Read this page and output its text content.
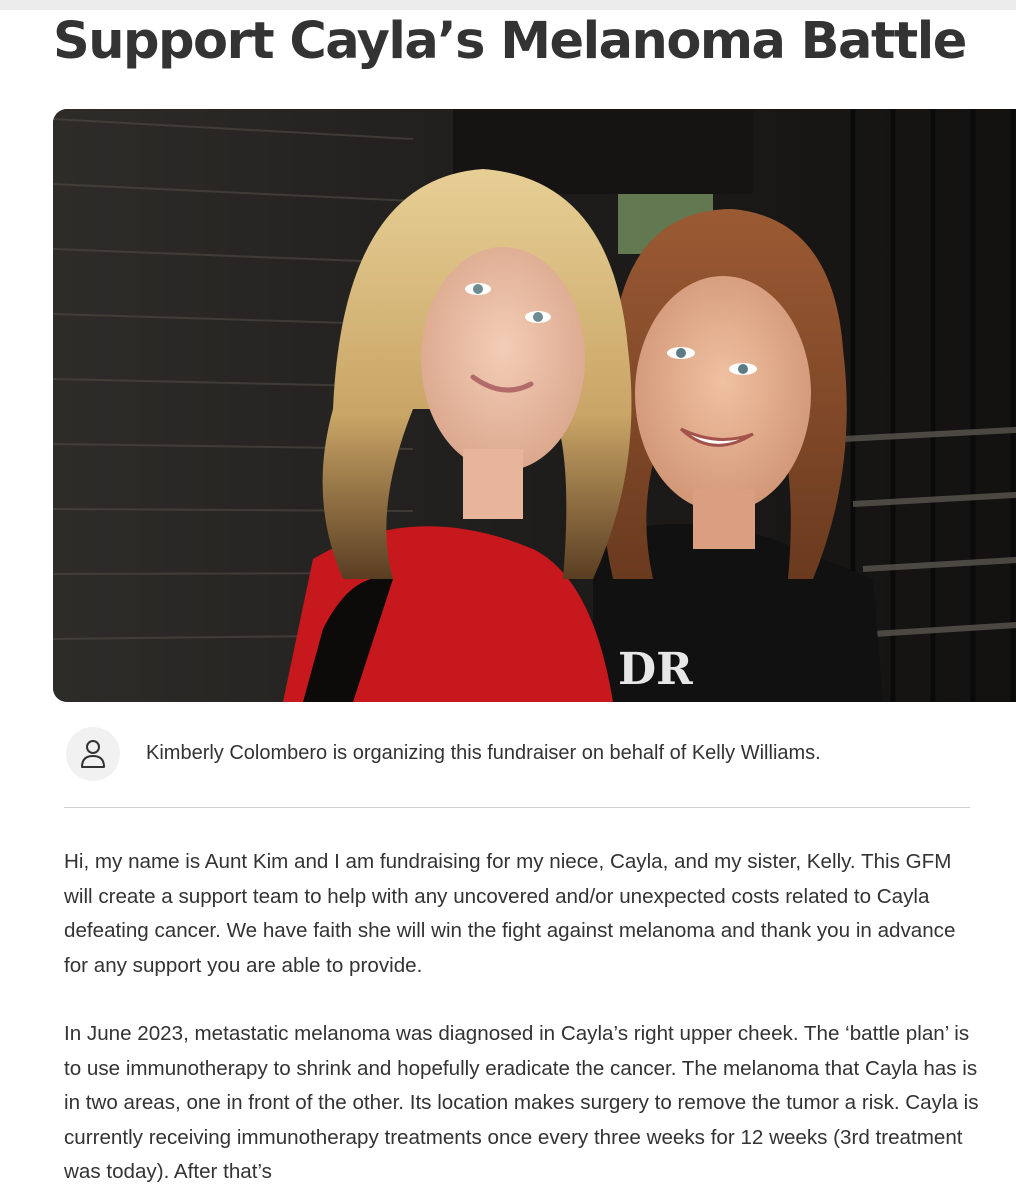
Support Cayla’s Melanoma Battle
DR
Kimberly Colombero is organizing this fundraiser on behalf of Kelly Williams.

Hi, my name is Aunt Kim and I am fundraising for my niece, Cayla, and my sister, Kelly. This GFM will create a support team to help with any uncovered and/or unexpected costs related to Cayla defeating cancer. We have faith she will win the fight against melanoma and thank you in advance for any support you are able to provide.

In June 2023, metastatic melanoma was diagnosed in Cayla’s right upper cheek. The ‘battle plan’ is to use immunotherapy to shrink and hopefully eradicate the cancer. The melanoma that Cayla has is in two areas, one in front of the other. Its location makes surgery to remove the tumor a risk. Cayla is currently receiving immunotherapy treatments once every three weeks for 12 weeks (3rd treatment was today). After that’s
